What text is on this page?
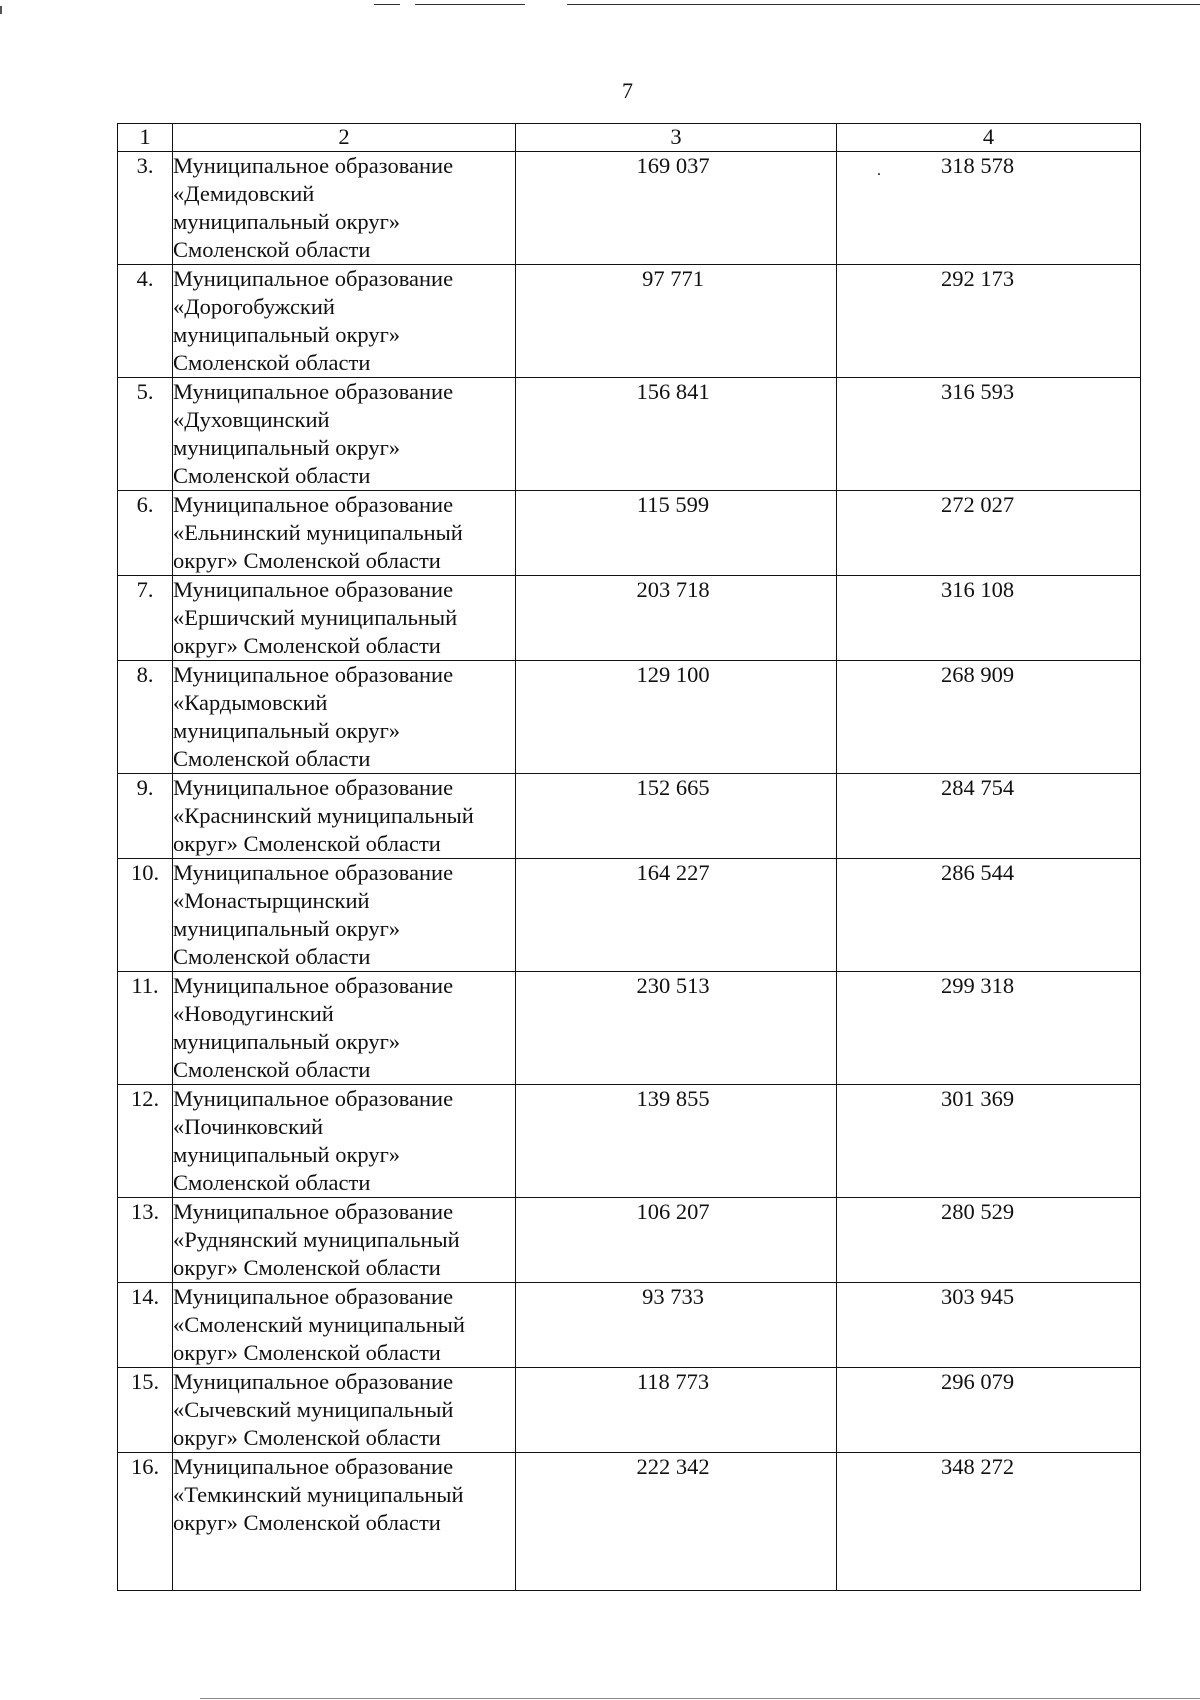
7
1	2	3	4
3.	Муниципальное образование
«Демидовский
муниципальный округ»
Смоленской области	169 037	318 578
4.	Муниципальное образование
«Дорогобужский
муниципальный округ»
Смоленской области	97 771	292 173
5.	Муниципальное образование
«Духовщинский
муниципальный округ»
Смоленской области	156 841	316 593
6.	Муниципальное образование
«Ельнинский муниципальный
округ» Смоленской области	115 599	272 027
7.	Муниципальное образование
«Ершичский муниципальный
округ» Смоленской области	203 718	316 108
8.	Муниципальное образование
«Кардымовский
муниципальный округ»
Смоленской области	129 100	268 909
9.	Муниципальное образование
«Краснинский муниципальный
округ» Смоленской области	152 665	284 754
10.	Муниципальное образование
«Монастырщинский
муниципальный округ»
Смоленской области	164 227	286 544
11.	Муниципальное образование
«Новодугинский
муниципальный округ»
Смоленской области	230 513	299 318
12.	Муниципальное образование
«Починковский
муниципальный округ»
Смоленской области	139 855	301 369
13.	Муниципальное образование
«Руднянский муниципальный
округ» Смоленской области	106 207	280 529
14.	Муниципальное образование
«Смоленский муниципальный
округ» Смоленской области	93 733	303 945
15.	Муниципальное образование
«Сычевский муниципальный
округ» Смоленской области	118 773	296 079
16.	Муниципальное образование
«Темкинский муниципальный
округ» Смоленской области	222 342	348 272
.
